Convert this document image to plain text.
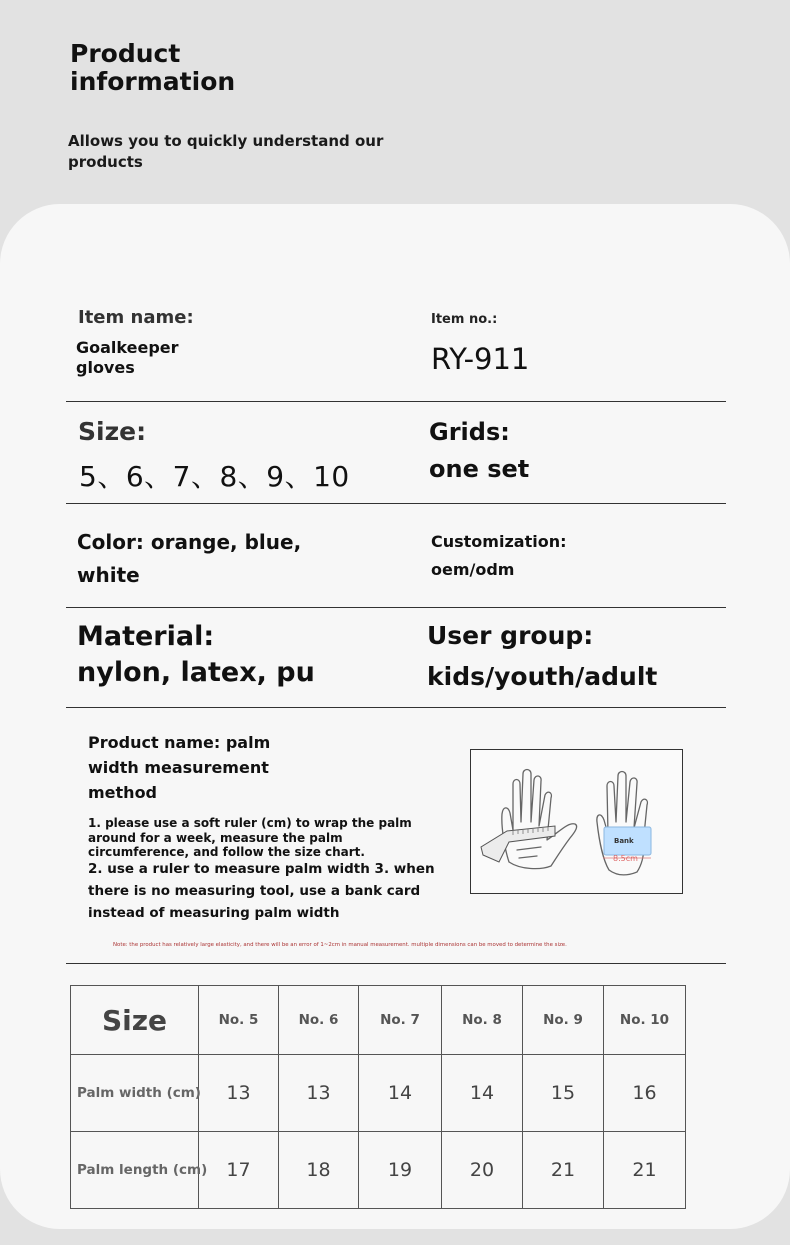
Product information

Allows you to quickly understand our products

Item name:
Goalkeeper gloves
Item no.:
RY-911
Size:
5、6、7、8、9、10
Grids:
one set
Color: orange, blue, white
Customization:
oem/odm
Material:
nylon, latex, pu
User group:
kids/youth/adult
Product name: palm width measurement method
1. please use a soft ruler (cm) to wrap the palm around for a week, measure the palm circumference, and follow the size chart.
2. use a ruler to measure palm width 3. when there is no measuring tool, use a bank card instead of measuring palm width
Bank
8.5cm
Note: the product has relatively large elasticity, and there will be an error of 1~2cm in manual measurement. multiple dimensions can be moved to determine the size.
Size	No. 5	No. 6	No. 7	No. 8	No. 9	No. 10
Palm width (cm)	13	13	14	14	15	16
Palm length (cm)	17	18	19	20	21	21
